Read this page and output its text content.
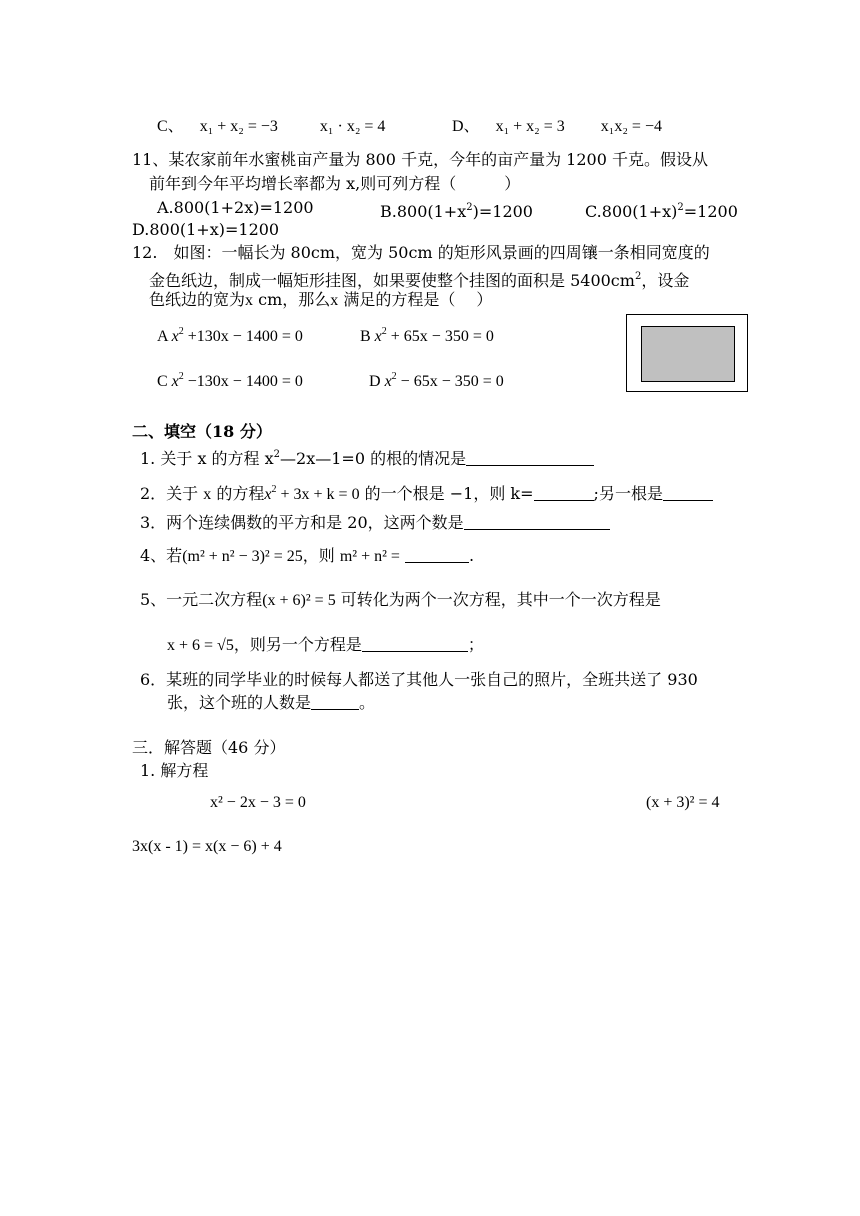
C、 x₁ + x₂ = −3	x₁ · x₂ = 4	D、 x₁ + x₂ = 3 x₁x₂ = −4
11、某农家前年水蜜桃亩产量为 800 千克，今年的亩产量为 1200 千克。假设从
前年到今年平均增长率都为 x,则可列方程（　　　）
A.800(1+2x)=1200	$B.800(1+x^2)=1200$	$C.800(1+x)^2=1200$
D.800(1+x)=1200
12.　如图：一幅长为 80cm，宽为 50cm 的矩形风景画的四周镶一条相同宽度的
金色纸边，制成一幅矩形挂图，如果要使整个挂图的面积是 $5400cm^2$，设金
色纸边的宽为x cm，那么x 满足的方程是（　 ）
A $x^2 +130x - 1400 = 0$	B $x^2 + 65x - 350 = 0$
C $x^2 -130x - 1400 = 0$	D $x^2 - 65x - 350 = 0$
二、填空（18 分）
1. 关于 x 的方程 $x^2—2x—1=0$ 的根的情况是
2．关于 x 的方程$x^2 + 3x + k = 0$ 的一个根是 −1，则 k=	;另一根是
3．两个连续偶数的平方和是 20，这两个数是
4、若(m² + n² − 3)² = 25，则 m² + n² =	.
5、一元二次方程(x + 6)² = 5 可转化为两个一次方程，其中一个一次方程是
x + 6 = √5，则另一个方程是	；
6．某班的同学毕业的时候每人都送了其他人一张自己的照片，全班共送了 930
张，这个班的人数是	。
三．解答题（46 分）
1. 解方程
x² − 2x − 3 = 0	(x + 3)² = 4
3x(x - 1) = x(x − 6) + 4
